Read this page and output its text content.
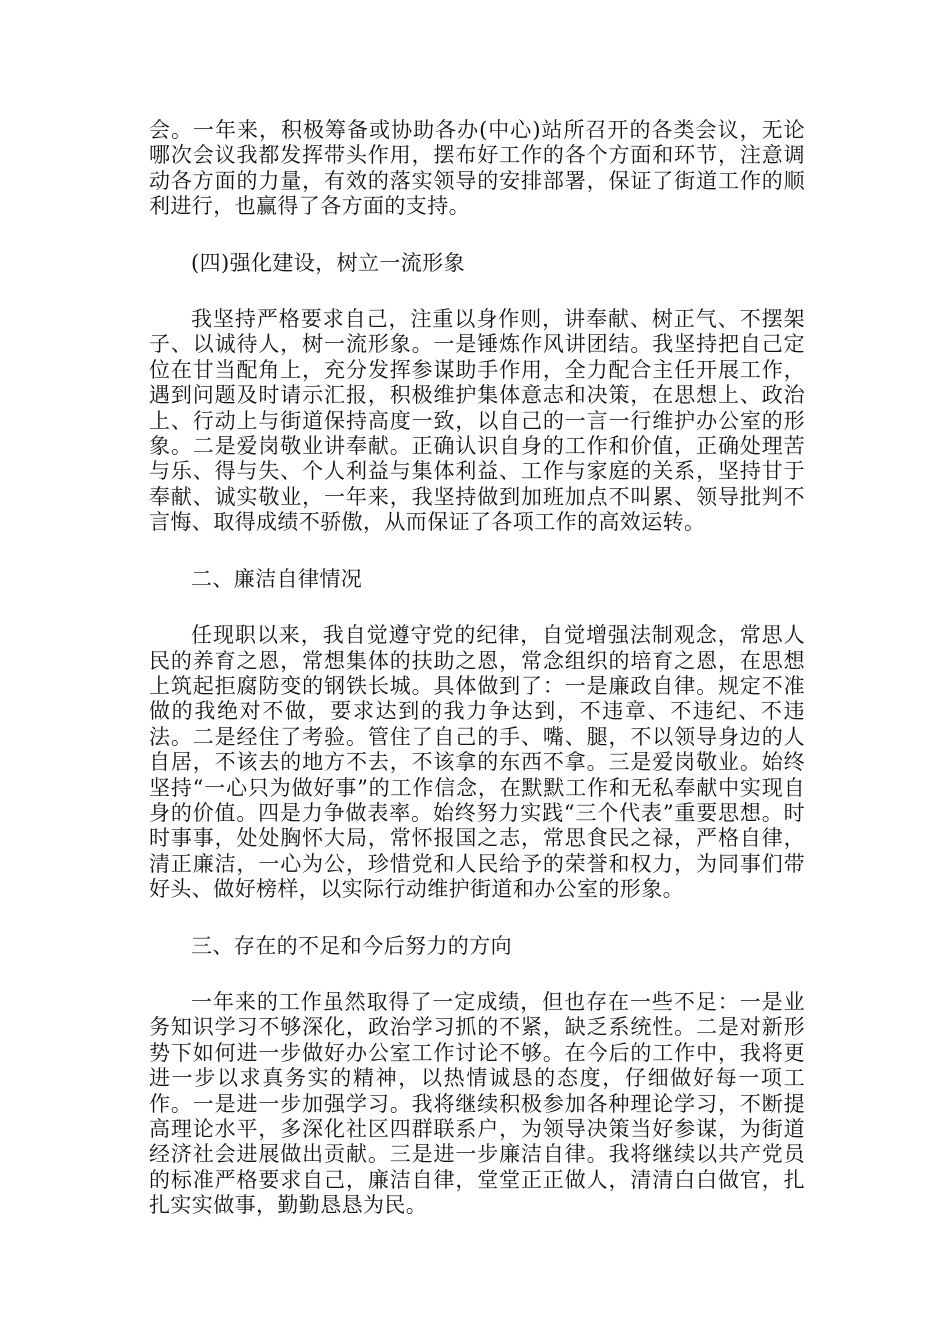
会。一年来，积极筹备或协助各办(中心)站所召开的各类会议，无论哪次会议我都发挥带头作用，摆布好工作的各个方面和环节，注意调动各方面的力量，有效的落实领导的安排部署，保证了街道工作的顺利进行，也赢得了各方面的支持。

(四)强化建设，树立一流形象

我坚持严格要求自己，注重以身作则，讲奉献、树正气、不摆架子、以诚待人，树一流形象。一是锤炼作风讲团结。我坚持把自己定位在甘当配角上，充分发挥参谋助手作用，全力配合主任开展工作，遇到问题及时请示汇报，积极维护集体意志和决策，在思想上、政治上、行动上与街道保持高度一致，以自己的一言一行维护办公室的形象。二是爱岗敬业讲奉献。正确认识自身的工作和价值，正确处理苦与乐、得与失、个人利益与集体利益、工作与家庭的关系，坚持甘于奉献、诚实敬业，一年来，我坚持做到加班加点不叫累、领导批判不言悔、取得成绩不骄傲，从而保证了各项工作的高效运转。

二、廉洁自律情况

任现职以来，我自觉遵守党的纪律，自觉增强法制观念，常思人民的养育之恩，常想集体的扶助之恩，常念组织的培育之恩，在思想上筑起拒腐防变的钢铁长城。具体做到了：一是廉政自律。规定不准做的我绝对不做，要求达到的我力争达到，不违章、不违纪、不违法。二是经住了考验。管住了自己的手、嘴、腿，不以领导身边的人自居，不该去的地方不去，不该拿的东西不拿。三是爱岗敬业。始终坚持“一心只为做好事”的工作信念，在默默工作和无私奉献中实现自身的价值。四是力争做表率。始终努力实践“三个代表”重要思想。时时事事，处处胸怀大局，常怀报国之志，常思食民之禄，严格自律，清正廉洁，一心为公，珍惜党和人民给予的荣誉和权力，为同事们带好头、做好榜样，以实际行动维护街道和办公室的形象。

三、存在的不足和今后努力的方向

一年来的工作虽然取得了一定成绩，但也存在一些不足：一是业务知识学习不够深化，政治学习抓的不紧，缺乏系统性。二是对新形势下如何进一步做好办公室工作讨论不够。在今后的工作中，我将更进一步以求真务实的精神，以热情诚恳的态度，仔细做好每一项工作。一是进一步加强学习。我将继续积极参加各种理论学习，不断提高理论水平，多深化社区四群联系户，为领导决策当好参谋，为街道经济社会进展做出贡献。三是进一步廉洁自律。我将继续以共产党员的标准严格要求自己，廉洁自律，堂堂正正做人，清清白白做官，扎扎实实做事，勤勤恳恳为民。
